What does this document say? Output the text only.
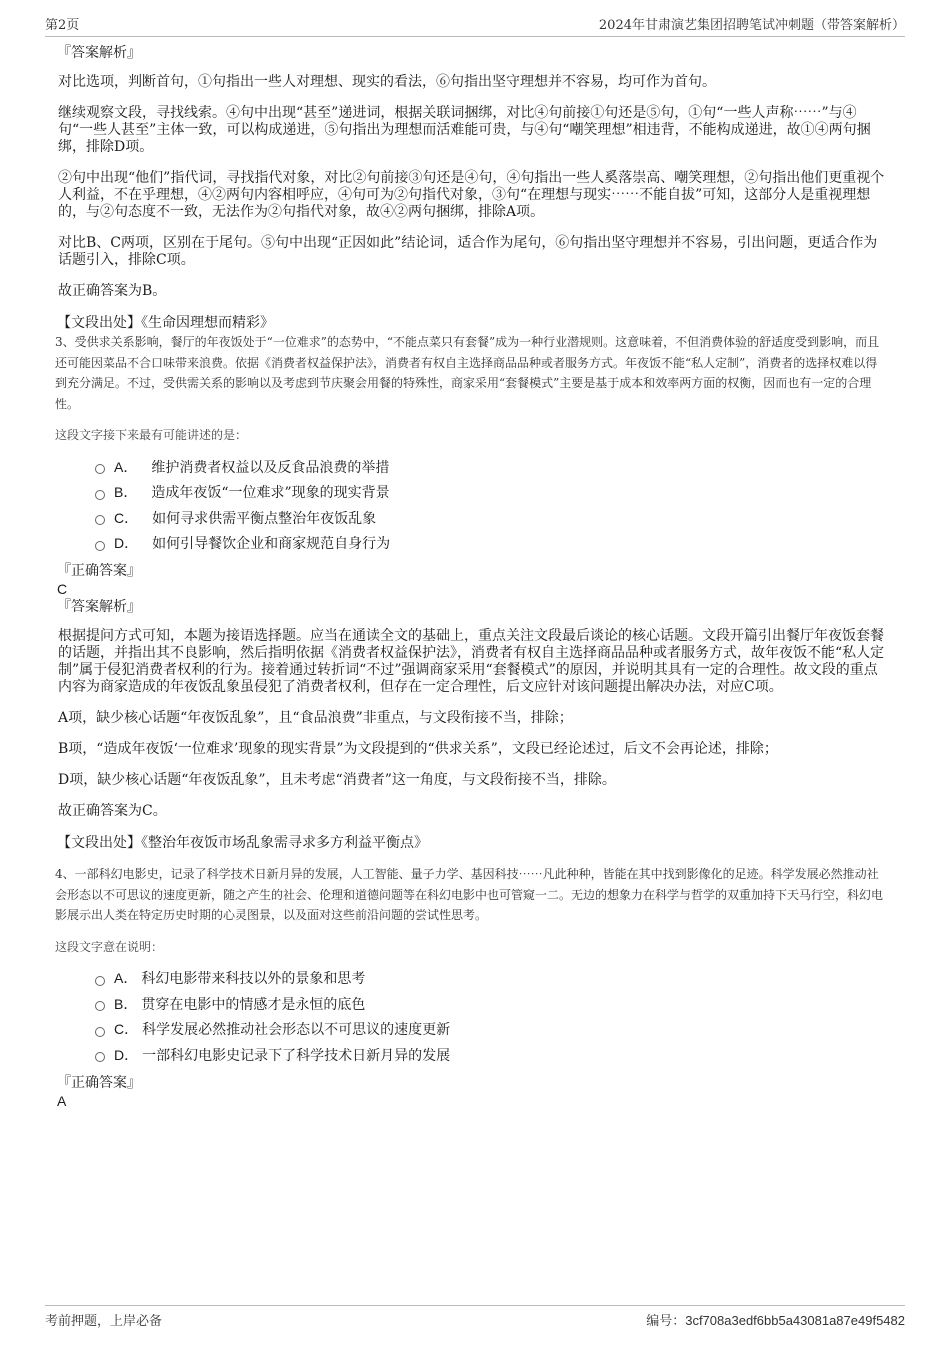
第2页	2024年甘肃演艺集团招聘笔试冲刺题（带答案解析）
『答案解析』

对比选项，判断首句，①句指出一些人对理想、现实的看法，⑥句指出坚守理想并不容易，均可作为首句。

继续观察文段，寻找线索。④句中出现“甚至”递进词，根据关联词捆绑，对比④句前接①句还是⑤句，①句“一些人声称⋯⋯”与④句“一些人甚至”主体一致，可以构成递进，⑤句指出为理想而活难能可贵，与④句“嘲笑理想”相违背，不能构成递进，故①④两句捆绑，排除D项。

②句中出现“他们”指代词，寻找指代对象，对比②句前接③句还是④句，④句指出一些人奚落崇高、嘲笑理想，②句指出他们更重视个人利益，不在乎理想，④②两句内容相呼应，④句可为②句指代对象，③句“在理想与现实⋯⋯不能自拔”可知，这部分人是重视理想的，与②句态度不一致，无法作为②句指代对象，故④②两句捆绑，排除A项。

对比B、C两项，区别在于尾句。⑤句中出现“正因如此”结论词，适合作为尾句，⑥句指出坚守理想并不容易，引出问题，更适合作为话题引入，排除C项。

故正确答案为B。

【文段出处】《生命因理想而精彩》
3、受供求关系影响，餐厅的年夜饭处于“一位难求”的态势中，“不能点菜只有套餐”成为一种行业潜规则。这意味着，不但消费体验的舒适度受到影响，而且还可能因菜品不合口味带来浪费。依据《消费者权益保护法》，消费者有权自主选择商品品种或者服务方式。年夜饭不能“私人定制”，消费者的选择权难以得到充分满足。不过，受供需关系的影响以及考虑到节庆聚会用餐的特殊性，商家采用“套餐模式”主要是基于成本和效率两方面的权衡，因而也有一定的合理性。
这段文字接下来最有可能讲述的是：
A． 维护消费者权益以及反食品浪费的举措
B． 造成年夜饭“一位难求”现象的现实背景
C． 如何寻求供需平衡点整治年夜饭乱象
D． 如何引导餐饮企业和商家规范自身行为
『正确答案』
C
『答案解析』

根据提问方式可知，本题为接语选择题。应当在通读全文的基础上，重点关注文段最后谈论的核心话题。文段开篇引出餐厅年夜饭套餐的话题，并指出其不良影响，然后指明依据《消费者权益保护法》，消费者有权自主选择商品品种或者服务方式，故年夜饭不能“私人定制”属于侵犯消费者权利的行为。接着通过转折词“不过”强调商家采用“套餐模式”的原因，并说明其具有一定的合理性。故文段的重点内容为商家造成的年夜饭乱象虽侵犯了消费者权利，但存在一定合理性，后文应针对该问题提出解决办法，对应C项。

A项，缺少核心话题“年夜饭乱象”，且“食品浪费”非重点，与文段衔接不当，排除；

B项，“造成年夜饭‘一位难求’现象的现实背景”为文段提到的“供求关系”，文段已经论述过，后文不会再论述，排除；

D项，缺少核心话题“年夜饭乱象”，且未考虑“消费者”这一角度，与文段衔接不当，排除。

故正确答案为C。

【文段出处】《整治年夜饭市场乱象需寻求多方利益平衡点》
4、一部科幻电影史，记录了科学技术日新月异的发展，人工智能、量子力学、基因科技⋯⋯凡此种种，皆能在其中找到影像化的足迹。科学发展必然推动社会形态以不可思议的速度更新，随之产生的社会、伦理和道德问题等在科幻电影中也可管窥一二。无边的想象力在科学与哲学的双重加持下天马行空，科幻电影展示出人类在特定历史时期的心灵图景，以及面对这些前沿问题的尝试性思考。
这段文字意在说明：
A． 科幻电影带来科技以外的景象和思考
B． 贯穿在电影中的情感才是永恒的底色
C． 科学发展必然推动社会形态以不可思议的速度更新
D． 一部科幻电影史记录下了科学技术日新月异的发展
『正确答案』
A
考前押题，上岸必备	编号：3cf708a3edf6bb5a43081a87e49f5482
